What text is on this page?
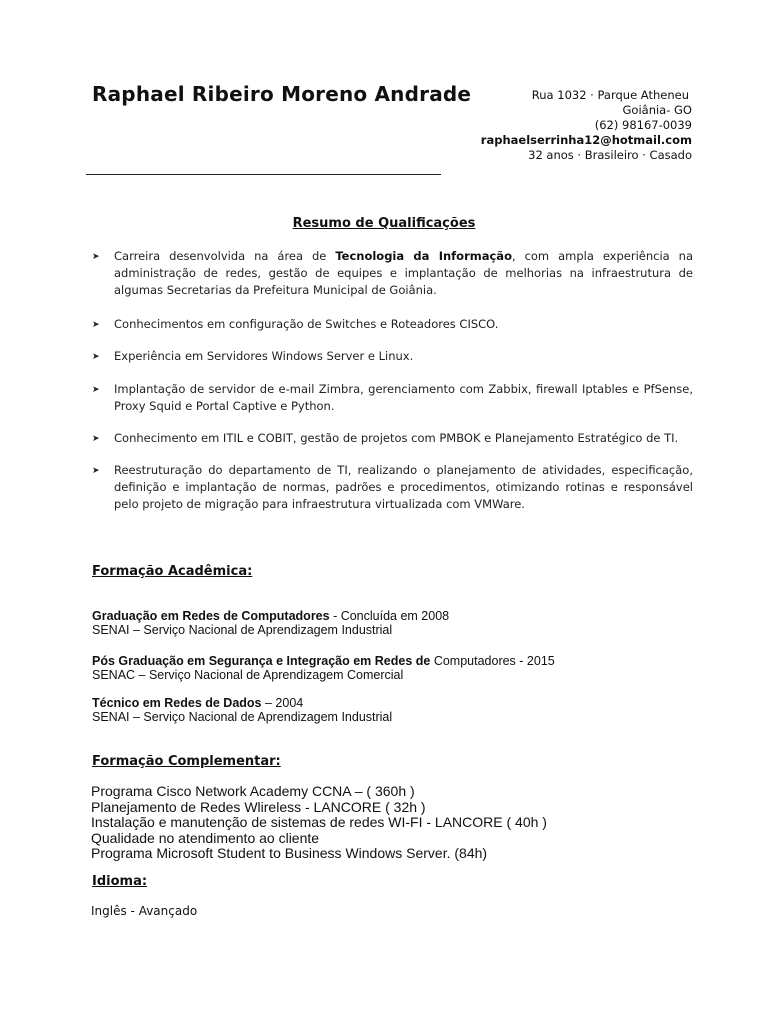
Raphael Ribeiro Moreno Andrade	Rua 1032 · Parque Atheneu
Goiânia- GO
(62) 98167-0039
raphaelserrinha12@hotmail.com
32 anos · Brasileiro · Casado
Resumo de Qualificações
➤ Carreira desenvolvida na área de Tecnologia da Informação, com ampla experiência na administração de redes, gestão de equipes e implantação de melhorias na infraestrutura de algumas Secretarias da Prefeitura Municipal de Goiânia.
➤ Conhecimentos em configuração de Switches e Roteadores CISCO.
➤ Experiência em Servidores Windows Server e Linux.
➤ Implantação de servidor de e-mail Zimbra, gerenciamento com Zabbix, firewall Iptables e PfSense, Proxy Squid e Portal Captive e Python.
➤ Conhecimento em ITIL e COBIT, gestão de projetos com PMBOK e Planejamento Estratégico de TI.
➤ Reestruturação do departamento de TI, realizando o planejamento de atividades, especificação, definição e implantação de normas, padrões e procedimentos, otimizando rotinas e responsável pelo projeto de migração para infraestrutura virtualizada com VMWare.
Formação Acadêmica:
Graduação em Redes de Computadores - Concluída em 2008
SENAI – Serviço Nacional de Aprendizagem Industrial
Pós Graduação em Segurança e Integração em Redes de Computadores - 2015
SENAC – Serviço Nacional de Aprendizagem Comercial
Técnico em Redes de Dados – 2004
SENAI – Serviço Nacional de Aprendizagem Industrial
Formação Complementar:
Programa Cisco Network Academy CCNA – ( 360h )
Planejamento de Redes Wlireless - LANCORE ( 32h )
Instalação e manutenção de sistemas de redes WI-FI - LANCORE ( 40h )
Qualidade no atendimento ao cliente
Programa Microsoft Student to Business Windows Server. (84h)
Idioma:
Inglês - Avançado
